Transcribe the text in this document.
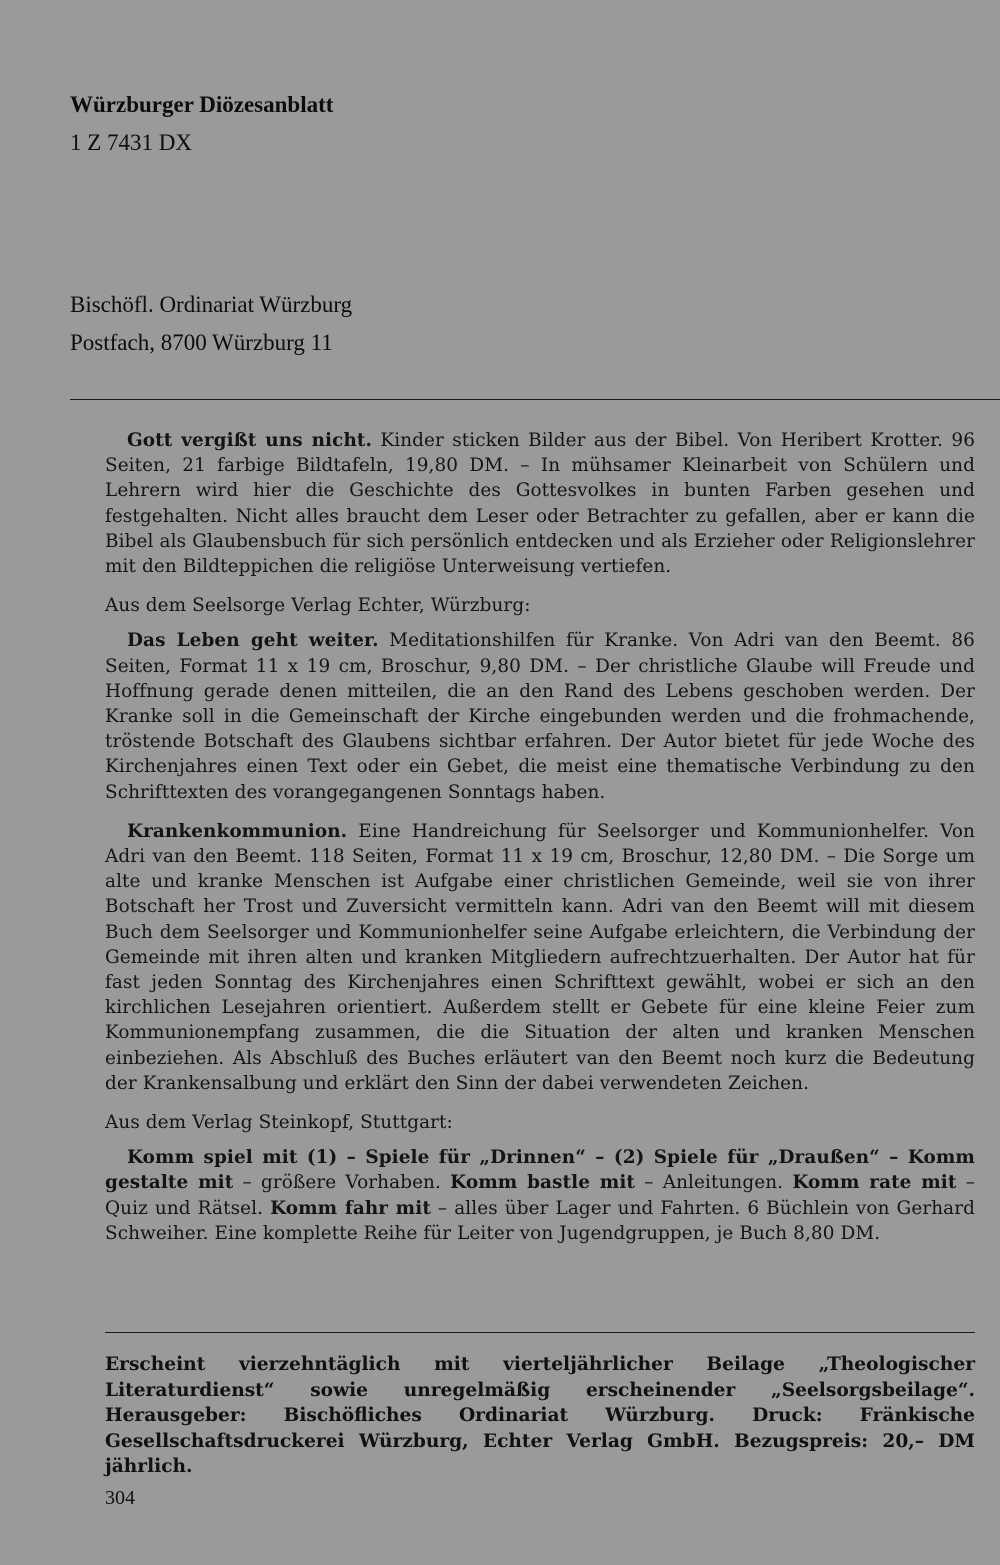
Würzburger Diözesanblatt
1 Z 7431 DX
Bischöfl. Ordinariat Würzburg
Postfach, 8700 Würzburg 11

Gott vergißt uns nicht. Kinder sticken Bilder aus der Bibel. Von Heribert Krotter. 96 Seiten, 21 farbige Bildtafeln, 19,80 DM. – In mühsamer Kleinarbeit von Schülern und Lehrern wird hier die Geschichte des Gottesvolkes in bunten Farben gesehen und festgehalten. Nicht alles braucht dem Leser oder Betrachter zu gefallen, aber er kann die Bibel als Glaubensbuch für sich persönlich entdecken und als Erzieher oder Religionslehrer mit den Bildteppichen die religiöse Unterweisung vertiefen.

Aus dem Seelsorge Verlag Echter, Würzburg:

Das Leben geht weiter. Meditationshilfen für Kranke. Von Adri van den Beemt. 86 Seiten, Format 11 x 19 cm, Broschur, 9,80 DM. – Der christliche Glaube will Freude und Hoffnung gerade denen mitteilen, die an den Rand des Lebens geschoben werden. Der Kranke soll in die Gemeinschaft der Kirche eingebunden werden und die frohmachende, tröstende Botschaft des Glaubens sichtbar erfahren. Der Autor bietet für jede Woche des Kirchenjahres einen Text oder ein Gebet, die meist eine thematische Verbindung zu den Schrifttexten des vorangegangenen Sonntags haben.

Krankenkommunion. Eine Handreichung für Seelsorger und Kommunionhelfer. Von Adri van den Beemt. 118 Seiten, Format 11 x 19 cm, Broschur, 12,80 DM. – Die Sorge um alte und kranke Menschen ist Aufgabe einer christlichen Gemeinde, weil sie von ihrer Botschaft her Trost und Zuversicht vermitteln kann. Adri van den Beemt will mit diesem Buch dem Seelsorger und Kommunionhelfer seine Aufgabe erleichtern, die Verbindung der Gemeinde mit ihren alten und kranken Mitgliedern aufrechtzuerhalten. Der Autor hat für fast jeden Sonntag des Kirchenjahres einen Schrifttext gewählt, wobei er sich an den kirchlichen Lesejahren orientiert. Außerdem stellt er Gebete für eine kleine Feier zum Kommunionempfang zusammen, die die Situation der alten und kranken Menschen einbeziehen. Als Abschluß des Buches erläutert van den Beemt noch kurz die Bedeutung der Krankensalbung und erklärt den Sinn der dabei verwendeten Zeichen.

Aus dem Verlag Steinkopf, Stuttgart:

Komm spiel mit (1) – Spiele für „Drinnen“ – (2) Spiele für „Draußen“ – Komm gestalte mit – größere Vorhaben. Komm bastle mit – Anleitungen. Komm rate mit – Quiz und Rätsel. Komm fahr mit – alles über Lager und Fahrten. 6 Büchlein von Gerhard Schweiher. Eine komplette Reihe für Leiter von Jugendgruppen, je Buch 8,80 DM.

Erscheint vierzehntäglich mit vierteljährlicher Beilage „Theologischer Literaturdienst“ sowie unregelmäßig erscheinender „Seelsorgsbeilage“. Herausgeber: Bischöfliches Ordinariat Würzburg. Druck: Fränkische Gesellschaftsdruckerei Würzburg, Echter Verlag GmbH. Bezugspreis: 20,– DM jährlich.
304
